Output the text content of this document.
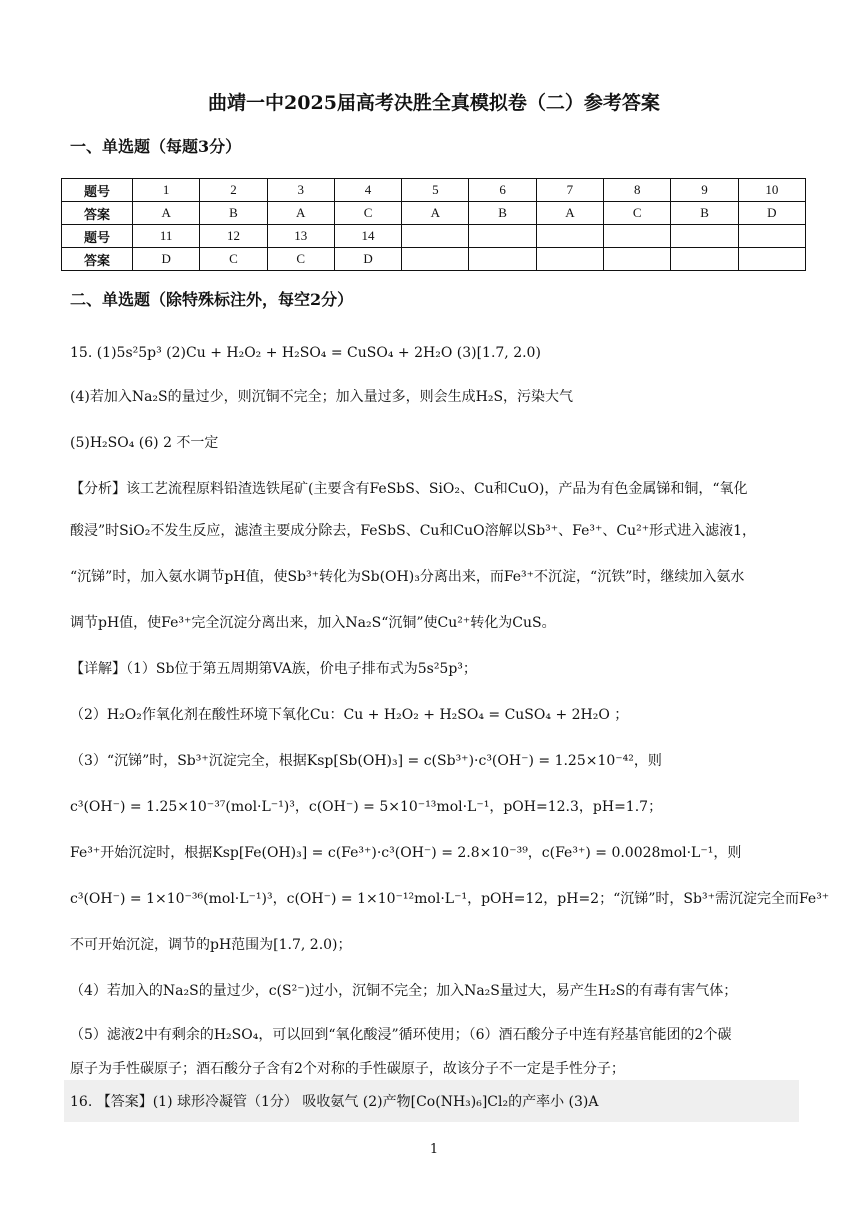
曲靖一中2025届高考决胜全真模拟卷（二）参考答案
一、单选题（每题3分）
题号	1	2	3	4	5	6	7	8	9	10
答案	A	B	A	C	A	B	A	C	B	D
题号	11	12	13	14						
答案	D	C	C	D						
二、单选题（除特殊标注外，每空2分）
15. (1)5s²5p³ (2)Cu + H₂O₂ + H₂SO₄ = CuSO₄ + 2H₂O (3)[1.7, 2.0)
(4)若加入Na₂S的量过少，则沉铜不完全；加入量过多，则会生成H₂S，污染大气
(5)H₂SO₄ (6) 2 不一定
【分析】该工艺流程原料铅渣选铁尾矿(主要含有FeSbS、SiO₂、Cu和CuO)，产品为有色金属锑和铜，“氧化
酸浸”时SiO₂不发生反应，滤渣主要成分除去，FeSbS、Cu和CuO溶解以Sb³⁺、Fe³⁺、Cu²⁺形式进入滤液1，
“沉锑”时，加入氨水调节pH值，使Sb³⁺转化为Sb(OH)₃分离出来，而Fe³⁺不沉淀，“沉铁”时，继续加入氨水
调节pH值，使Fe³⁺完全沉淀分离出来，加入Na₂S“沉铜”使Cu²⁺转化为CuS。
【详解】（1）Sb位于第五周期第VA族，价电子排布式为5s²5p³；
（2）H₂O₂作氧化剂在酸性环境下氧化Cu：Cu + H₂O₂ + H₂SO₄ = CuSO₄ + 2H₂O ；
（3）“沉锑”时，Sb³⁺沉淀完全，根据Ksp[Sb(OH)₃] = c(Sb³⁺)·c³(OH⁻) = 1.25×10⁻⁴²，则
c³(OH⁻) = 1.25×10⁻³⁷(mol·L⁻¹)³，c(OH⁻) = 5×10⁻¹³mol·L⁻¹，pOH=12.3，pH=1.7；
Fe³⁺开始沉淀时，根据Ksp[Fe(OH)₃] = c(Fe³⁺)·c³(OH⁻) = 2.8×10⁻³⁹，c(Fe³⁺) = 0.0028mol·L⁻¹，则
c³(OH⁻) = 1×10⁻³⁶(mol·L⁻¹)³，c(OH⁻) = 1×10⁻¹²mol·L⁻¹，pOH=12，pH=2；“沉锑”时，Sb³⁺需沉淀完全而Fe³⁺
不可开始沉淀，调节的pH范围为[1.7, 2.0)；
（4）若加入的Na₂S的量过少，c(S²⁻)过小，沉铜不完全；加入Na₂S量过大，易产生H₂S的有毒有害气体；
（5）滤液2中有剩余的H₂SO₄，可以回到“氧化酸浸”循环使用；（6）酒石酸分子中连有羟基官能团的2个碳
原子为手性碳原子；酒石酸分子含有2个对称的手性碳原子，故该分子不一定是手性分子；
16. 【答案】(1) 球形冷凝管（1分） 吸收氨气 (2)产物[Co(NH₃)₆]Cl₂的产率小 (3)A
1
